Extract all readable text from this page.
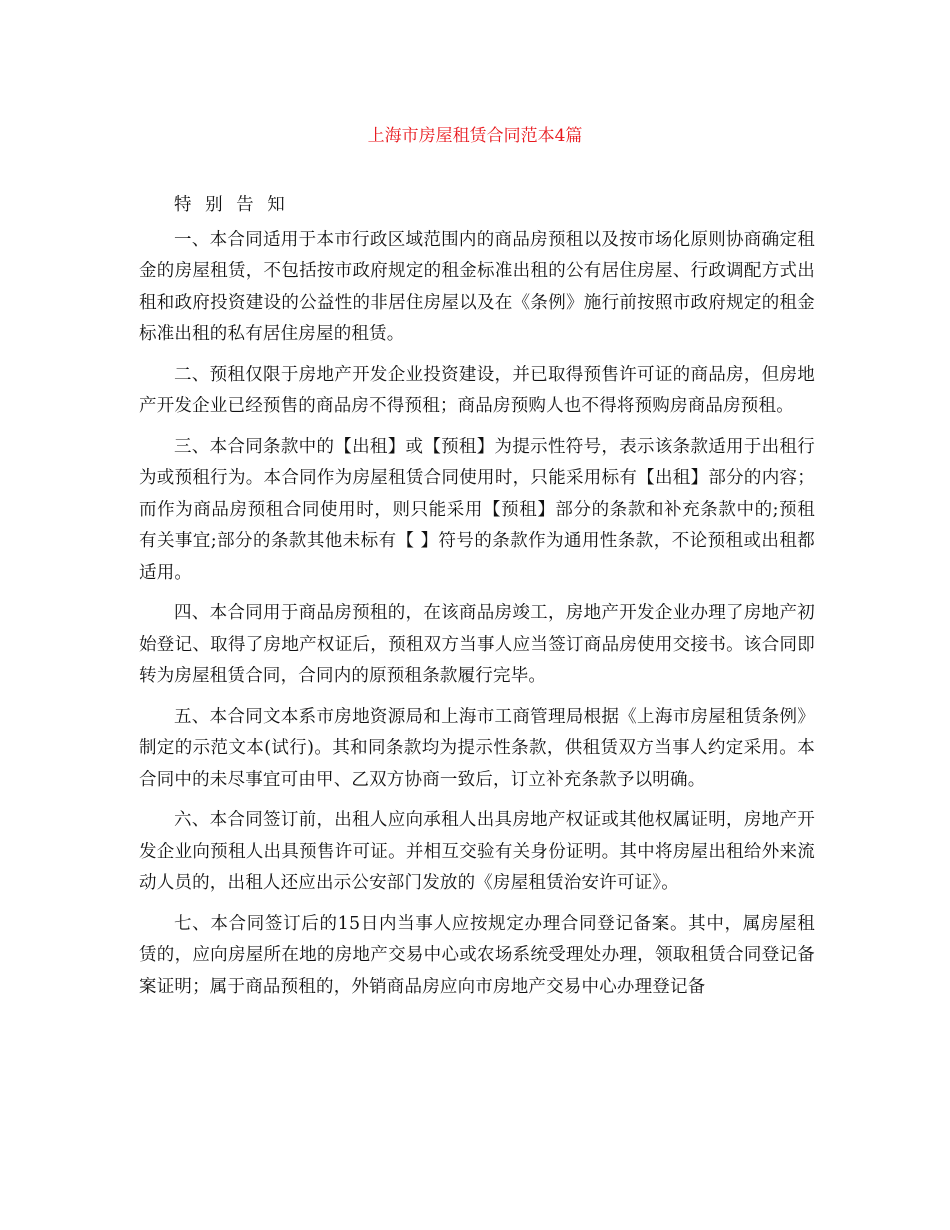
上海市房屋租赁合同范本4篇

特 别 告 知

一、本合同适用于本市行政区域范围内的商品房预租以及按市场化原则协商确定租金的房屋租赁，不包括按市政府规定的租金标准出租的公有居住房屋、行政调配方式出租和政府投资建设的公益性的非居住房屋以及在《条例》施行前按照市政府规定的租金标准出租的私有居住房屋的租赁。

二、预租仅限于房地产开发企业投资建设，并已取得预售许可证的商品房，但房地产开发企业已经预售的商品房不得预租；商品房预购人也不得将预购房商品房预租。

三、本合同条款中的【出租】或【预租】为提示性符号，表示该条款适用于出租行为或预租行为。本合同作为房屋租赁合同使用时，只能采用标有【出租】部分的内容；而作为商品房预租合同使用时，则只能采用【预租】部分的条款和补充条款中的;预租有关事宜;部分的条款其他未标有【 】符号的条款作为通用性条款，不论预租或出租都适用。

四、本合同用于商品房预租的，在该商品房竣工，房地产开发企业办理了房地产初始登记、取得了房地产权证后，预租双方当事人应当签订商品房使用交接书。该合同即转为房屋租赁合同，合同内的原预租条款履行完毕。

五、本合同文本系市房地资源局和上海市工商管理局根据《上海市房屋租赁条例》制定的示范文本(试行)。其和同条款均为提示性条款，供租赁双方当事人约定采用。本合同中的未尽事宜可由甲、乙双方协商一致后，订立补充条款予以明确。

六、本合同签订前，出租人应向承租人出具房地产权证或其他权属证明，房地产开发企业向预租人出具预售许可证。并相互交验有关身份证明。其中将房屋出租给外来流动人员的，出租人还应出示公安部门发放的《房屋租赁治安许可证》。

七、本合同签订后的15日内当事人应按规定办理合同登记备案。其中，属房屋租赁的，应向房屋所在地的房地产交易中心或农场系统受理处办理，领取租赁合同登记备案证明；属于商品预租的，外销商品房应向市房地产交易中心办理登记备
